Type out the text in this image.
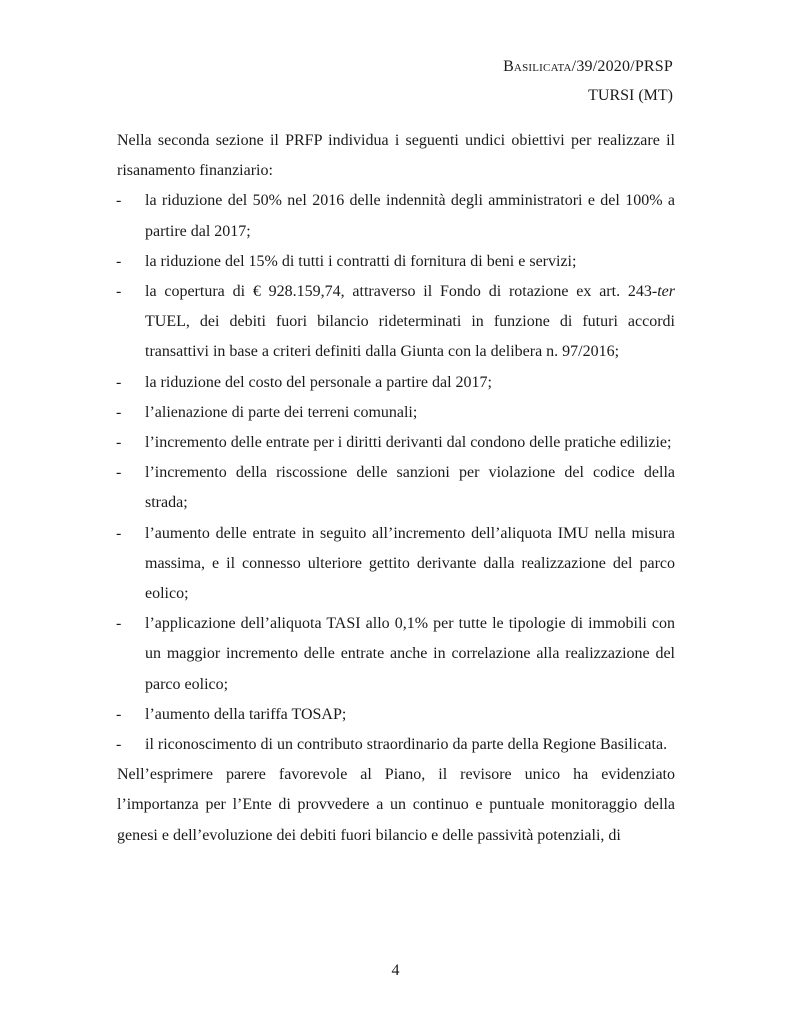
Basilicata/39/2020/PRSP
TURSI (MT)

Nella seconda sezione il PRFP individua i seguenti undici obiettivi per realizzare il risanamento finanziario:

- la riduzione del 50% nel 2016 delle indennità degli amministratori e del 100% a partire dal 2017;
- la riduzione del 15% di tutti i contratti di fornitura di beni e servizi;
- la copertura di € 928.159,74, attraverso il Fondo di rotazione ex art. 243-ter TUEL, dei debiti fuori bilancio rideterminati in funzione di futuri accordi transattivi in base a criteri definiti dalla Giunta con la delibera n. 97/2016;
- la riduzione del costo del personale a partire dal 2017;
- l’alienazione di parte dei terreni comunali;
- l’incremento delle entrate per i diritti derivanti dal condono delle pratiche edilizie;
- l’incremento della riscossione delle sanzioni per violazione del codice della strada;
- l’aumento delle entrate in seguito all’incremento dell’aliquota IMU nella misura massima, e il connesso ulteriore gettito derivante dalla realizzazione del parco eolico;
- l’applicazione dell’aliquota TASI allo 0,1% per tutte le tipologie di immobili con un maggior incremento delle entrate anche in correlazione alla realizzazione del parco eolico;
- l’aumento della tariffa TOSAP;
- il riconoscimento di un contributo straordinario da parte della Regione Basilicata.

Nell’esprimere parere favorevole al Piano, il revisore unico ha evidenziato l’importanza per l’Ente di provvedere a un continuo e puntuale monitoraggio della genesi e dell’evoluzione dei debiti fuori bilancio e delle passività potenziali, di

4
